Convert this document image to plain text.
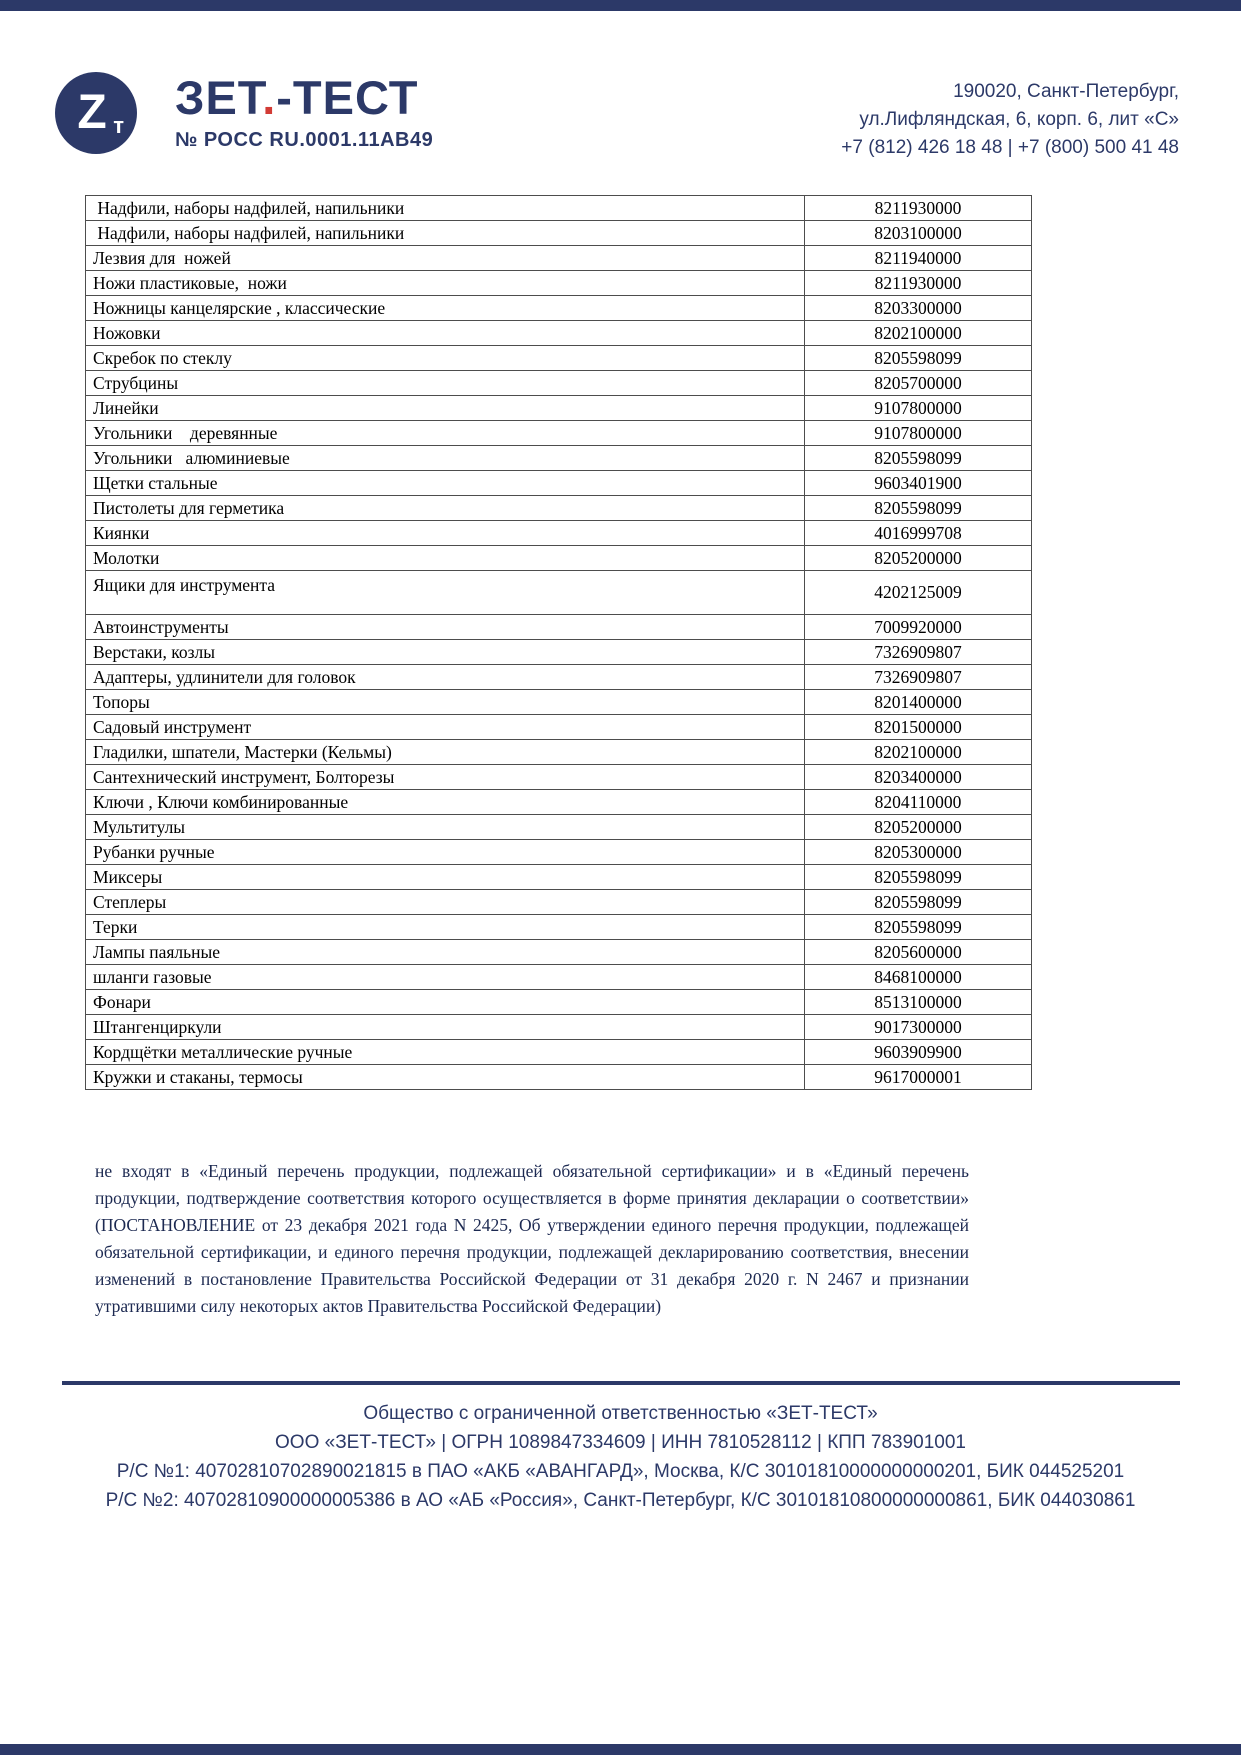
Z т
ЗЕТ.-ТЕСТ
№ РОСС RU.0001.11АВ49
190020, Санкт-Петербург,
ул.Лифляндская, 6, корп. 6, лит «С»
+7 (812) 426 18 48 | +7 (800) 500 41 48
Надфили, наборы надфилей, напильники	8211930000
Надфили, наборы надфилей, напильники	8203100000
Лезвия для  ножей	8211940000
Ножи пластиковые,  ножи	8211930000
Ножницы канцелярские , классические	8203300000
Ножовки	8202100000
Скребок по стеклу	8205598099
Струбцины	8205700000
Линейки	9107800000
Угольники    деревянные	9107800000
Угольники   алюминиевые	8205598099
Щетки стальные	9603401900
Пистолеты для герметика	8205598099
Киянки	4016999708
Молотки	8205200000
Ящики для инструмента	4202125009
Автоинструменты	7009920000
Верстаки, козлы	7326909807
Адаптеры, удлинители для головок	7326909807
Топоры	8201400000
Садовый инструмент	8201500000
Гладилки, шпатели, Мастерки (Кельмы)	8202100000
Сантехнический инструмент, Болторезы	8203400000
Ключи , Ключи комбинированные	8204110000
Мультитулы	8205200000
Рубанки ручные	8205300000
Миксеры	8205598099
Степлеры	8205598099
Терки	8205598099
Лампы паяльные	8205600000
шланги газовые	8468100000
Фонари	8513100000
Штангенциркули	9017300000
Кордщётки металлические ручные	9603909900
Кружки и стаканы, термосы	9617000001

не входят в «Единый перечень продукции, подлежащей обязательной сертификации» и в «Единый перечень продукции, подтверждение соответствия которого осуществляется в форме принятия декларации о соответствии» (ПОСТАНОВЛЕНИЕ от 23 декабря 2021 года N 2425, Об утверждении единого перечня продукции, подлежащей обязательной сертификации, и единого перечня продукции, подлежащей декларированию соответствия, внесении изменений в постановление Правительства Российской Федерации от 31 декабря 2020 г. N 2467 и признании утратившими силу некоторых актов Правительства Российской Федерации)

Общество с ограниченной ответственностью «ЗЕТ-ТЕСТ»
ООО «ЗЕТ-ТЕСТ» | ОГРН 1089847334609 | ИНН 7810528112 | КПП 783901001
Р/С №1: 40702810702890021815 в ПАО «АКБ «АВАНГАРД», Москва, К/С 30101810000000000201, БИК 044525201
Р/С №2: 40702810900000005386 в АО «АБ «Россия», Санкт-Петербург, К/С 30101810800000000861, БИК 044030861
